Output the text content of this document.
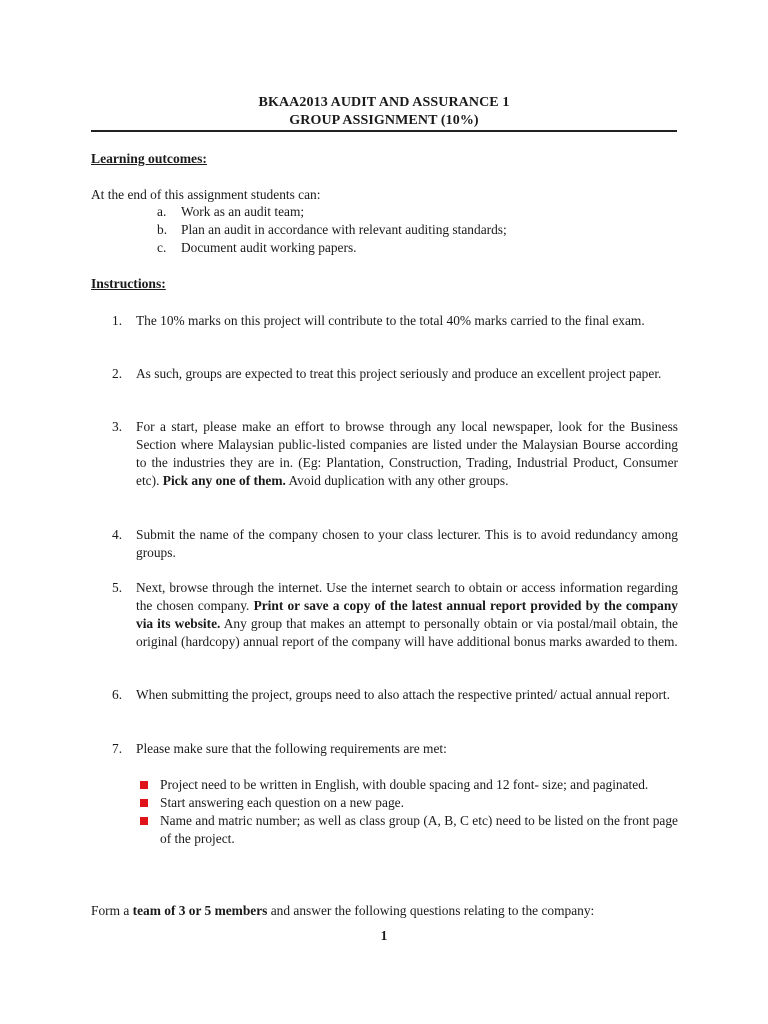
BKAA2013 AUDIT AND ASSURANCE 1
GROUP ASSIGNMENT (10%)
Learning outcomes:
At the end of this assignment students can:
a. Work as an audit team;
b. Plan an audit in accordance with relevant auditing standards;
c. Document audit working papers.
Instructions:
1. The 10% marks on this project will contribute to the total 40% marks carried to the final exam.
2. As such, groups are expected to treat this project seriously and produce an excellent project paper.
3. For a start, please make an effort to browse through any local newspaper, look for the Business Section where Malaysian public-listed companies are listed under the Malaysian Bourse according to the industries they are in. (Eg: Plantation, Construction, Trading, Industrial Product, Consumer etc). Pick any one of them. Avoid duplication with any other groups.
4. Submit the name of the company chosen to your class lecturer. This is to avoid redundancy among groups.
5. Next, browse through the internet. Use the internet search to obtain or access information regarding the chosen company. Print or save a copy of the latest annual report provided by the company via its website. Any group that makes an attempt to personally obtain or via postal/mail obtain, the original (hardcopy) annual report of the company will have additional bonus marks awarded to them.
6. When submitting the project, groups need to also attach the respective printed/ actual annual report.
7. Please make sure that the following requirements are met:
Project need to be written in English, with double spacing and 12 font- size; and paginated.
Start answering each question on a new page.
Name and matric number; as well as class group (A, B, C etc) need to be listed on the front page of the project.
Form a team of 3 or 5 members and answer the following questions relating to the company:
1
